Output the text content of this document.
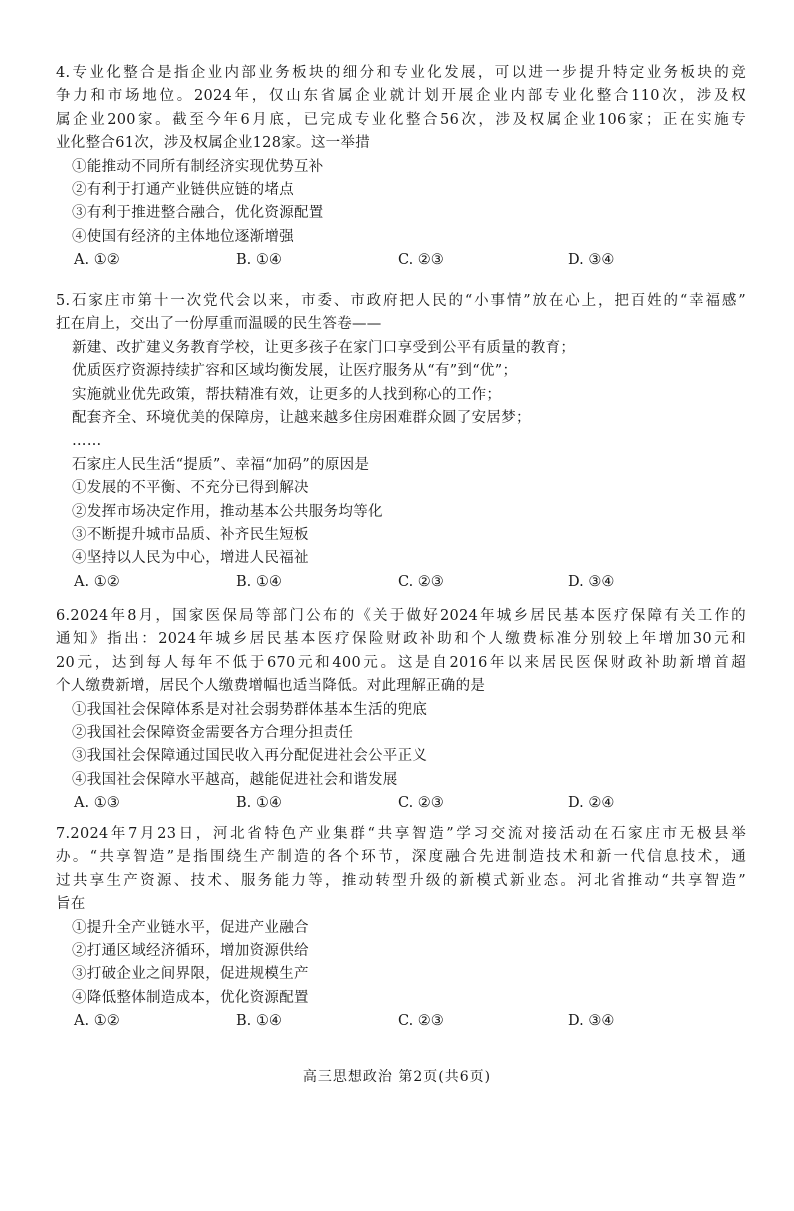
4.专业化整合是指企业内部业务板块的细分和专业化发展，可以进一步提升特定业务板块的竞
争力和市场地位。2024年，仅山东省属企业就计划开展企业内部专业化整合110次，涉及权
属企业200家。截至今年6月底，已完成专业化整合56次，涉及权属企业106家；正在实施专
业化整合61次，涉及权属企业128家。这一举措
①能推动不同所有制经济实现优势互补
②有利于打通产业链供应链的堵点
③有利于推进整合融合，优化资源配置
④使国有经济的主体地位逐渐增强
A. ①②	B. ①④	C. ②③	D. ③④
5.石家庄市第十一次党代会以来，市委、市政府把人民的“小事情”放在心上，把百姓的“幸福感”
扛在肩上，交出了一份厚重而温暖的民生答卷——
新建、改扩建义务教育学校，让更多孩子在家门口享受到公平有质量的教育；
优质医疗资源持续扩容和区域均衡发展，让医疗服务从“有”到“优”；
实施就业优先政策，帮扶精准有效，让更多的人找到称心的工作；
配套齐全、环境优美的保障房，让越来越多住房困难群众圆了安居梦；
……
石家庄人民生活“提质”、幸福“加码”的原因是
①发展的不平衡、不充分已得到解决
②发挥市场决定作用，推动基本公共服务均等化
③不断提升城市品质、补齐民生短板
④坚持以人民为中心，增进人民福祉
A. ①②	B. ①④	C. ②③	D. ③④
6.2024年8月，国家医保局等部门公布的《关于做好2024年城乡居民基本医疗保障有关工作的
通知》指出：2024年城乡居民基本医疗保险财政补助和个人缴费标准分别较上年增加30元和
20元，达到每人每年不低于670元和400元。这是自2016年以来居民医保财政补助新增首超
个人缴费新增，居民个人缴费增幅也适当降低。对此理解正确的是
①我国社会保障体系是对社会弱势群体基本生活的兜底
②我国社会保障资金需要各方合理分担责任
③我国社会保障通过国民收入再分配促进社会公平正义
④我国社会保障水平越高，越能促进社会和谐发展
A. ①③	B. ①④	C. ②③	D. ②④
7.2024年7月23日，河北省特色产业集群“共享智造”学习交流对接活动在石家庄市无极县举
办。“共享智造”是指围绕生产制造的各个环节，深度融合先进制造技术和新一代信息技术，通
过共享生产资源、技术、服务能力等，推动转型升级的新模式新业态。河北省推动“共享智造”
旨在
①提升全产业链水平，促进产业融合
②打通区域经济循环，增加资源供给
③打破企业之间界限，促进规模生产
④降低整体制造成本，优化资源配置
A. ①②	B. ①④	C. ②③	D. ③④
高三思想政治 第2页(共6页)
